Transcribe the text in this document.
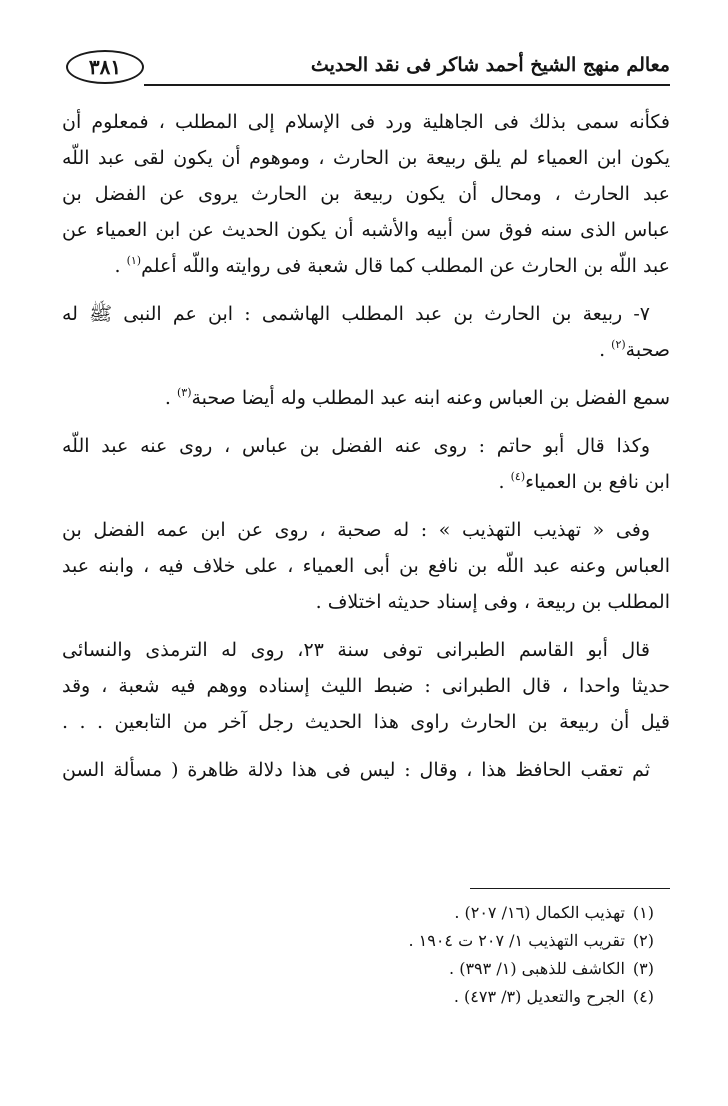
٣٨١	معالم منهج الشيخ أحمد شاكر فى نقد الحديث
فكأنه سمى بذلك فى الجاهلية ورد فى الإسلام إلى المطلب ، فمعلوم أن
يكون ابن العمياء لم يلق ربيعة بن الحارث ، وموهوم أن يكون لقى عبد اللّه
عبد الحارث ، ومحال أن يكون ربيعة بن الحارث يروى عن الفضل بن
عباس الذى سنه فوق سن أبيه والأشبه أن يكون الحديث عن ابن العمياء عن
عبد اللّه بن الحارث عن المطلب كما قال شعبة فى روايته واللّه أعلم$^{(١)}$ .
٧- ربيعة بن الحارث بن عبد المطلب الهاشمى : ابن عم النبى ﷺ له
صحبة$^{(٢)}$ .
سمع الفضل بن العباس وعنه ابنه عبد المطلب وله أيضا صحبة$^{(٣)}$ .
وكذا قال أبو حاتم : روى عنه الفضل بن عباس ، روى عنه عبد اللّه
ابن نافع بن العمياء$^{(٤)}$ .
وفى « تهذيب التهذيب » : له صحبة ، روى عن ابن عمه الفضل بن
العباس وعنه عبد اللّه بن نافع بن أبى العمياء ، على خلاف فيه ، وابنه عبد
المطلب بن ربيعة ، وفى إسناد حديثه اختلاف .
قال أبو القاسم الطبرانى توفى سنة ٢٣، روى له الترمذى والنسائى
حديثا واحدا ، قال الطبرانى : ضبط الليث إسناده ووهم فيه شعبة ، وقد
قيل أن ربيعة بن الحارث راوى هذا الحديث رجل آخر من التابعين . . .
ثم تعقب الحافظ هذا ، وقال : ليس فى هذا دلالة ظاهرة ( مسألة السن
(١)تهذيب الكمال (١٦/ ٢٠٧) .
(٢)تقريب التهذيب ١/ ٢٠٧ ت ١٩٠٤ .
(٣)الكاشف للذهبى (١/ ٣٩٣) .
(٤)الجرح والتعديل (٣/ ٤٧٣) .
